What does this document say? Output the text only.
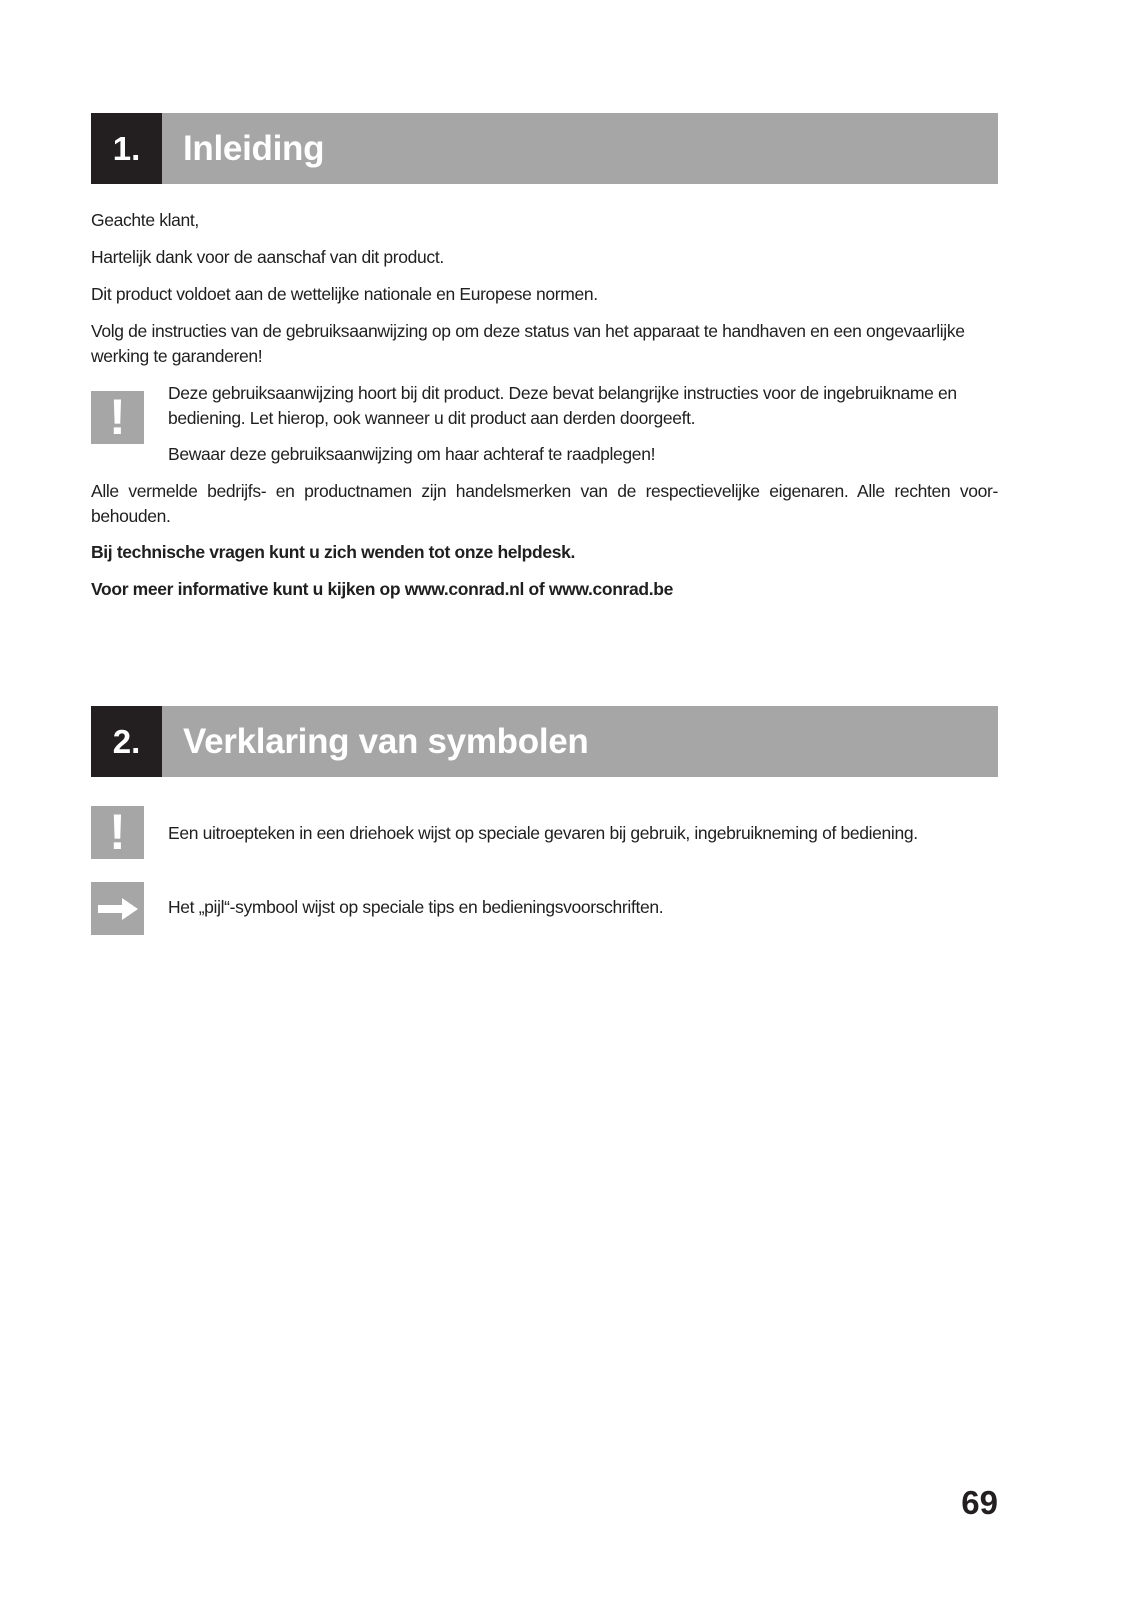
1.	Inleiding

Geachte klant,

Hartelijk dank voor de aanschaf van dit product.

Dit product voldoet aan de wettelijke nationale en Europese normen.

Volg de instructies van de gebruiksaanwijzing op om deze status van het apparaat te handhaven en een ongevaarlijke werking te garanderen!

! Deze gebruiksaanwijzing hoort bij dit product. Deze bevat belangrijke instructies voor de ingebruikname en bediening. Let hierop, ook wanneer u dit product aan derden doorgeeft.

Bewaar deze gebruiksaanwijzing om haar achteraf te raadplegen!

Alle vermelde bedrijfs- en productnamen zijn handelsmerken van de respectievelijke eigenaren. Alle rechten voor-behouden.

Bij technische vragen kunt u zich wenden tot onze helpdesk.

Voor meer informative kunt u kijken op www.conrad.nl of www.conrad.be

2.	Verklaring van symbolen
! Een uitroepteken in een driehoek wijst op speciale gevaren bij gebruik, ingebruikneming of bediening.

Het „pijl“-symbool wijst op speciale tips en bedieningsvoorschriften.

69
